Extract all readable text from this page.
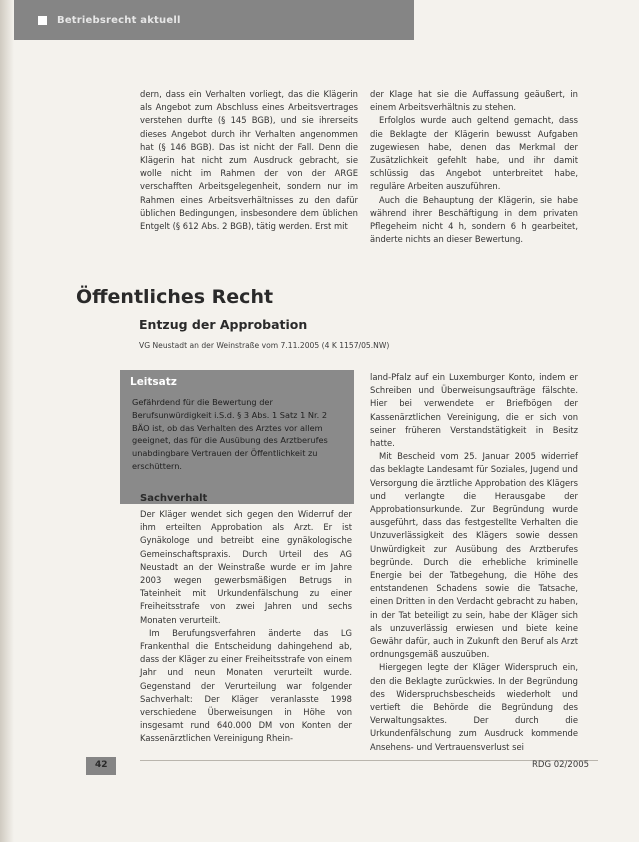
Betriebsrecht aktuell

dern, dass ein Verhalten vorliegt, das die Klägerin als Angebot zum Abschluss eines Arbeitsvertrages verstehen durfte (§ 145 BGB), und sie ihrerseits dieses Angebot durch ihr Verhalten angenommen hat (§ 146 BGB). Das ist nicht der Fall. Denn die Klägerin hat nicht zum Ausdruck gebracht, sie wolle nicht im Rahmen der von der ARGE verschafften Arbeitsgelegenheit, sondern nur im Rahmen eines Arbeitsverhältnisses zu den dafür üblichen Bedingungen, insbesondere dem üblichen Entgelt (§ 612 Abs. 2 BGB), tätig werden. Erst mit

der Klage hat sie die Auffassung geäußert, in einem Arbeitsverhältnis zu stehen.

Erfolglos wurde auch geltend gemacht, dass die Beklagte der Klägerin bewusst Aufgaben zugewiesen habe, denen das Merkmal der Zusätzlichkeit gefehlt habe, und ihr damit schlüssig das Angebot unterbreitet habe, reguläre Arbeiten auszuführen.

Auch die Behauptung der Klägerin, sie habe während ihrer Beschäftigung in dem privaten Pflegeheim nicht 4 h, sondern 6 h gearbeitet, änderte nichts an dieser Bewertung.

Öffentliches Recht
Entzug der Approbation
VG Neustadt an der Weinstraße vom 7.11.2005 (4 K 1157/05.NW)
Leitsatz
Gefährdend für die Bewertung der Berufsunwürdigkeit i.S.d. § 3 Abs. 1 Satz 1 Nr. 2 BÄO ist, ob das Verhalten des Arztes vor allem geeignet, das für die Ausübung des Arztberufes unabdingbare Vertrauen der Öffentlichkeit zu erschüttern.
Sachverhalt

Der Kläger wendet sich gegen den Widerruf der ihm erteilten Approbation als Arzt. Er ist Gynäkologe und betreibt eine gynäkologische Gemeinschaftspraxis. Durch Urteil des AG Neustadt an der Weinstraße wurde er im Jahre 2003 wegen gewerbsmäßigen Betrugs in Tateinheit mit Urkundenfälschung zu einer Freiheitsstrafe von zwei Jahren und sechs Monaten verurteilt.

Im Berufungsverfahren änderte das LG Frankenthal die Entscheidung dahingehend ab, dass der Kläger zu einer Freiheitsstrafe von einem Jahr und neun Monaten verurteilt wurde. Gegenstand der Verurteilung war folgender Sachverhalt: Der Kläger veranlasste 1998 verschiedene Überweisungen in Höhe von insgesamt rund 640.000 DM von Konten der Kassenärztlichen Vereinigung Rhein-

land-Pfalz auf ein Luxemburger Konto, indem er Schreiben und Überweisungsaufträge fälschte. Hier bei verwendete er Briefbögen der Kassenärztlichen Vereinigung, die er sich von seiner früheren Verstandstätigkeit in Besitz hatte.

Mit Bescheid vom 25. Januar 2005 widerrief das beklagte Landesamt für Soziales, Jugend und Versorgung die ärztliche Approbation des Klägers und verlangte die Herausgabe der Approbationsurkunde. Zur Begründung wurde ausgeführt, dass das festgestellte Verhalten die Unzuverlässigkeit des Klägers sowie dessen Unwürdigkeit zur Ausübung des Arztberufes begründe. Durch die erhebliche kriminelle Energie bei der Tatbegehung, die Höhe des entstandenen Schadens sowie die Tatsache, einen Dritten in den Verdacht gebracht zu haben, in der Tat beteiligt zu sein, habe der Kläger sich als unzuverlässig erwiesen und biete keine Gewähr dafür, auch in Zukunft den Beruf als Arzt ordnungsgemäß auszuüben.

Hiergegen legte der Kläger Widerspruch ein, den die Beklagte zurückwies. In der Begründung des Widerspruchsbescheids wiederholt und vertieft die Behörde die Begründung des Verwaltungsaktes. Der durch die Urkundenfälschung zum Ausdruck kommende Ansehens- und Vertrauensverlust sei

42	RDG 02/2005
